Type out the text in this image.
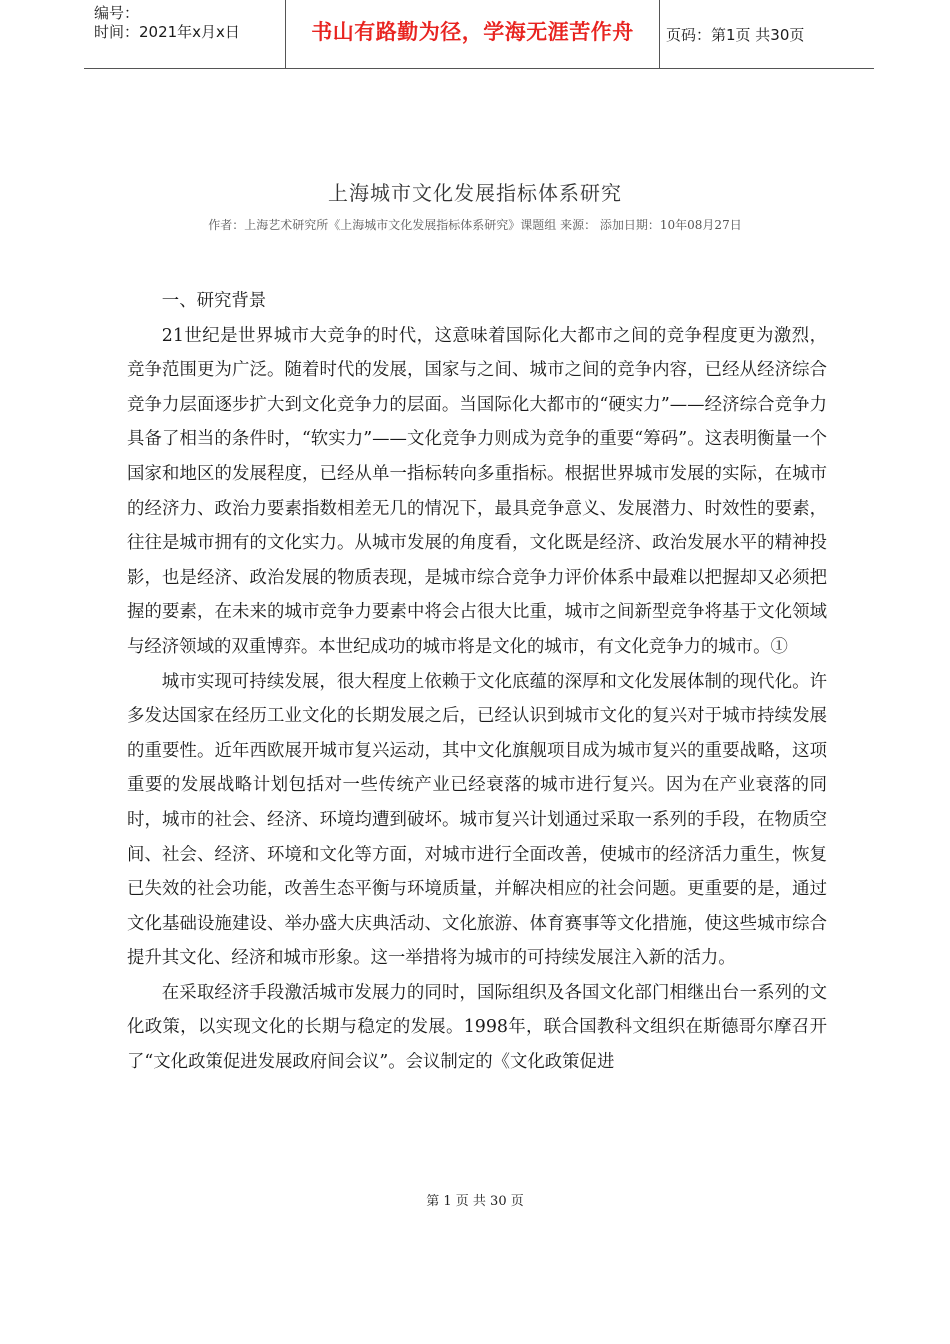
编号：
时间：2021年x月x日	书山有路勤为径，学海无涯苦作舟	页码：第1页 共30页
上海城市文化发展指标体系研究
作者：上海艺术研究所《上海城市文化发展指标体系研究》课题组 来源： 添加日期：10年08月27日

一、研究背景

21世纪是世界城市大竞争的时代，这意味着国际化大都市之间的竞争程度更为激烈，竞争范围更为广泛。随着时代的发展，国家与之间、城市之间的竞争内容，已经从经济综合竞争力层面逐步扩大到文化竞争力的层面。当国际化大都市的“硬实力”——经济综合竞争力具备了相当的条件时，“软实力”——文化竞争力则成为竞争的重要“筹码”。这表明衡量一个国家和地区的发展程度，已经从单一指标转向多重指标。根据世界城市发展的实际，在城市的经济力、政治力要素指数相差无几的情况下，最具竞争意义、发展潜力、时效性的要素，往往是城市拥有的文化实力。从城市发展的角度看，文化既是经济、政治发展水平的精神投影，也是经济、政治发展的物质表现，是城市综合竞争力评价体系中最难以把握却又必须把握的要素，在未来的城市竞争力要素中将会占很大比重，城市之间新型竞争将基于文化领域与经济领域的双重博弈。本世纪成功的城市将是文化的城市，有文化竞争力的城市。①

城市实现可持续发展，很大程度上依赖于文化底蕴的深厚和文化发展体制的现代化。许多发达国家在经历工业文化的长期发展之后，已经认识到城市文化的复兴对于城市持续发展的重要性。近年西欧展开城市复兴运动，其中文化旗舰项目成为城市复兴的重要战略，这项重要的发展战略计划包括对一些传统产业已经衰落的城市进行复兴。因为在产业衰落的同时，城市的社会、经济、环境均遭到破坏。城市复兴计划通过采取一系列的手段，在物质空间、社会、经济、环境和文化等方面，对城市进行全面改善，使城市的经济活力重生，恢复已失效的社会功能，改善生态平衡与环境质量，并解决相应的社会问题。更重要的是，通过文化基础设施建设、举办盛大庆典活动、文化旅游、体育赛事等文化措施，使这些城市综合提升其文化、经济和城市形象。这一举措将为城市的可持续发展注入新的活力。

在采取经济手段激活城市发展力的同时，国际组织及各国文化部门相继出台一系列的文化政策，以实现文化的长期与稳定的发展。1998年，联合国教科文组织在斯德哥尔摩召开了“文化政策促进发展政府间会议”。会议制定的《文化政策促进

第 1 页 共 30 页
